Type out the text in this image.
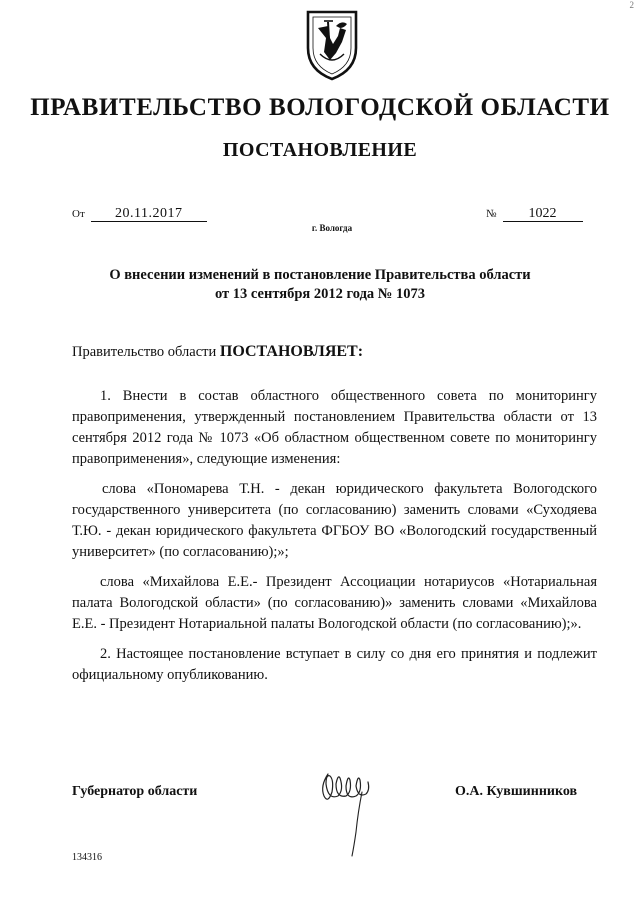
2
ПРАВИТЕЛЬСТВО ВОЛОГОДСКОЙ ОБЛАСТИ
ПОСТАНОВЛЕНИЕ
От 20.11.2017	№ 1022
г. Вологда
О внесении изменений в постановление Правительства области
от 13 сентября 2012 года № 1073
Правительство области ПОСТАНОВЛЯЕТ:

1. Внести в состав областного общественного совета по мониторингу правоприменения, утвержденный постановлением Правительства области от 13 сентября 2012 года № 1073 «Об областном общественном совете по мониторингу правоприменения», следующие изменения:

слова «Пономарева Т.Н. - декан юридического факультета Вологодского государственного университета (по согласованию) заменить словами «Суходяева Т.Ю. - декан юридического факультета ФГБОУ ВО «Вологодский государственный университет» (по согласованию);»;

слова «Михайлова Е.Е.- Президент Ассоциации нотариусов «Нотариальная палата Вологодской области» (по согласованию)» заменить словами «Михайлова Е.Е. - Президент Нотариальной палаты Вологодской области (по согласованию);».

2. Настоящее постановление вступает в силу со дня его принятия и подлежит официальному опубликованию.

Губернатор области	О.А. Кувшинников
134316
